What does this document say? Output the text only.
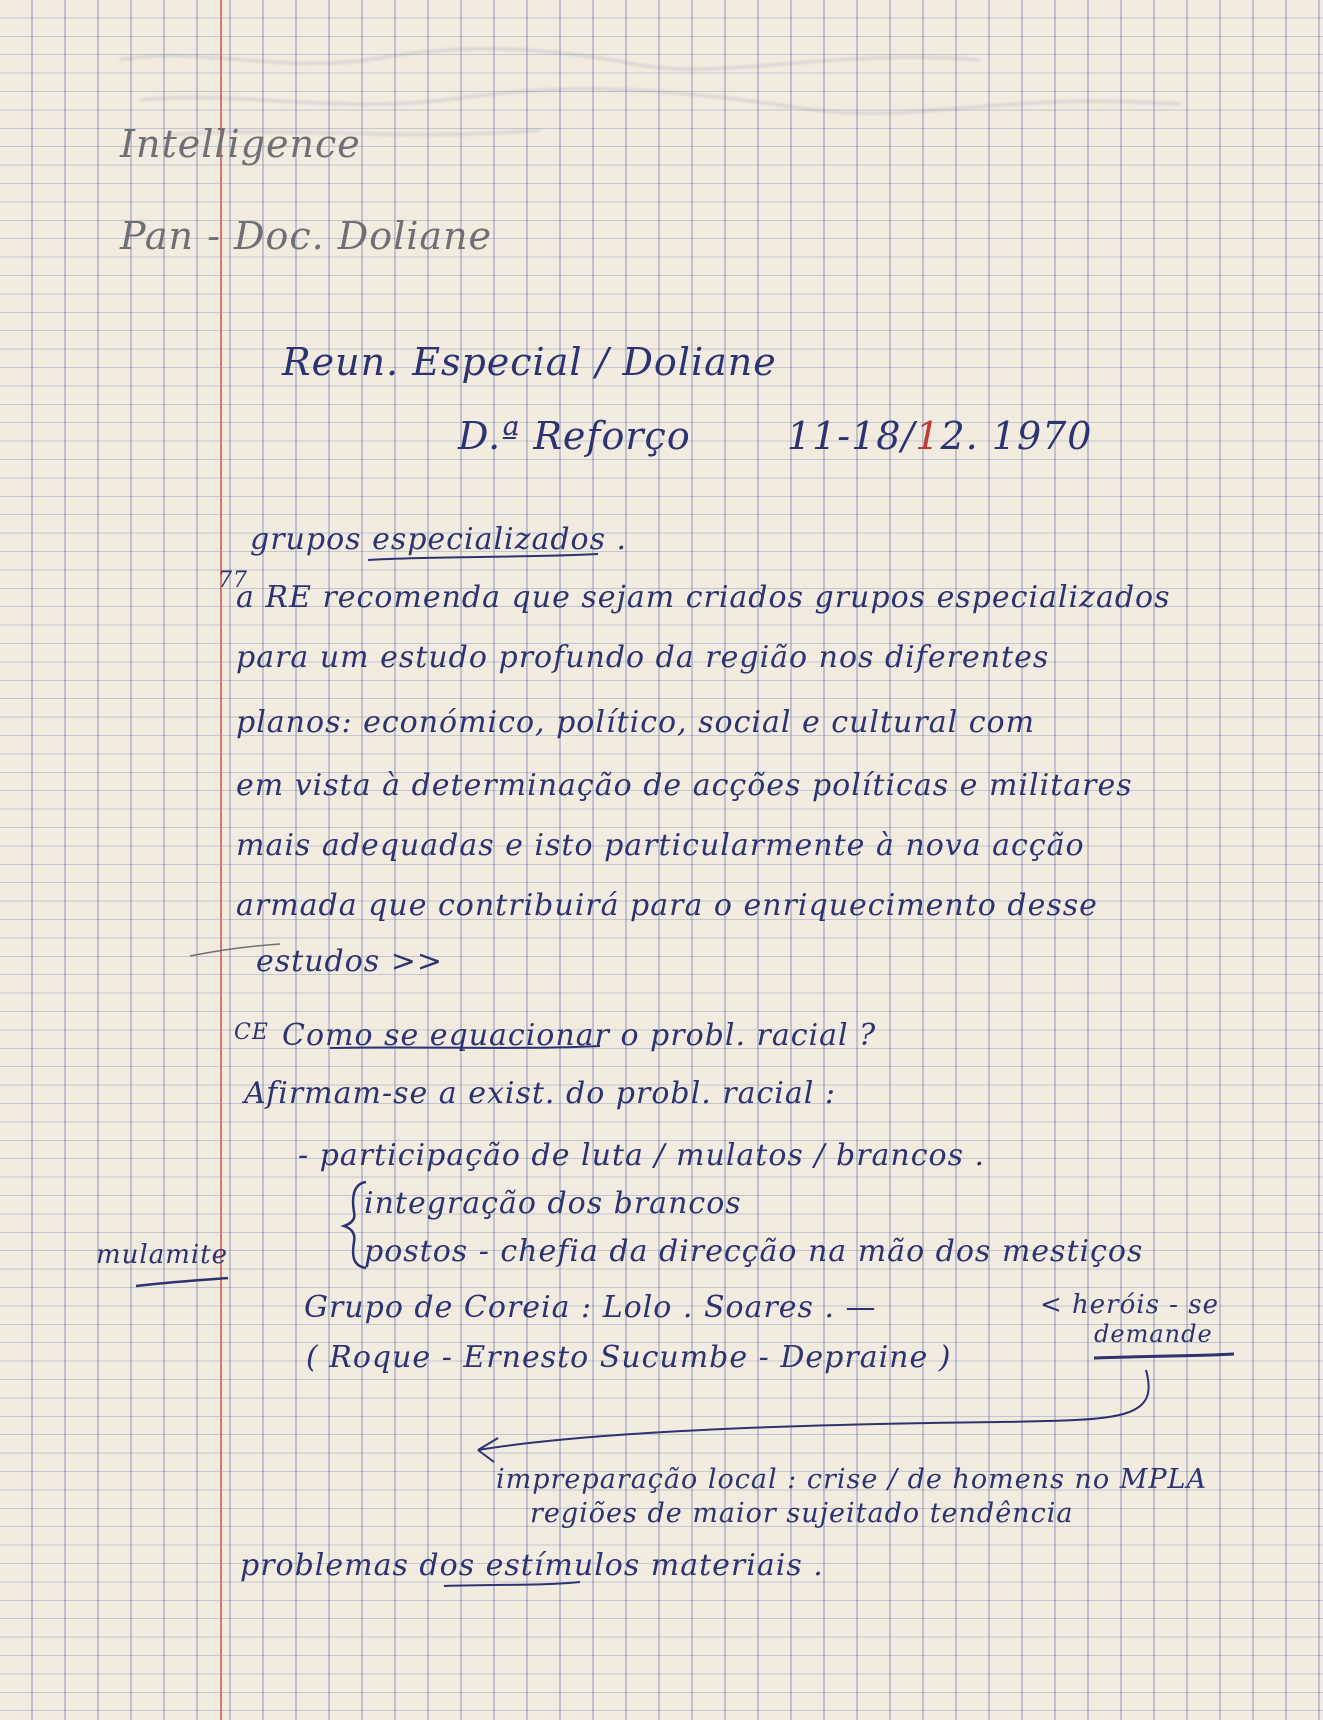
Intelligence
Pan - Doc. Doliane
Reun. Especial / Doliane
D.ª Reforço	11-18/12. 1970
grupos especializados .
77
a RE recomenda que sejam criados grupos especializados
para um estudo profundo da região nos diferentes
planos: económico, político, social e cultural com
em vista à determinação de acções políticas e militares
mais adequadas e isto particularmente à nova acção
armada que contribuirá para o enriquecimento desse
estudos >>
CE Como se equacionar o probl. racial ?
Afirmam-se a exist. do probl. racial :
- participação de luta / mulatos / brancos .
integração dos brancos
postos - chefia da direcção na mão dos mestiços
mulamite
Grupo de Coreia : Lolo . Soares . —	< heróis - se
demande
( Roque - Ernesto Sucumbe - Depraine )
impreparação local : crise / de homens no MPLA
regiões de maior sujeitado tendência
problemas dos estímulos materiais .
